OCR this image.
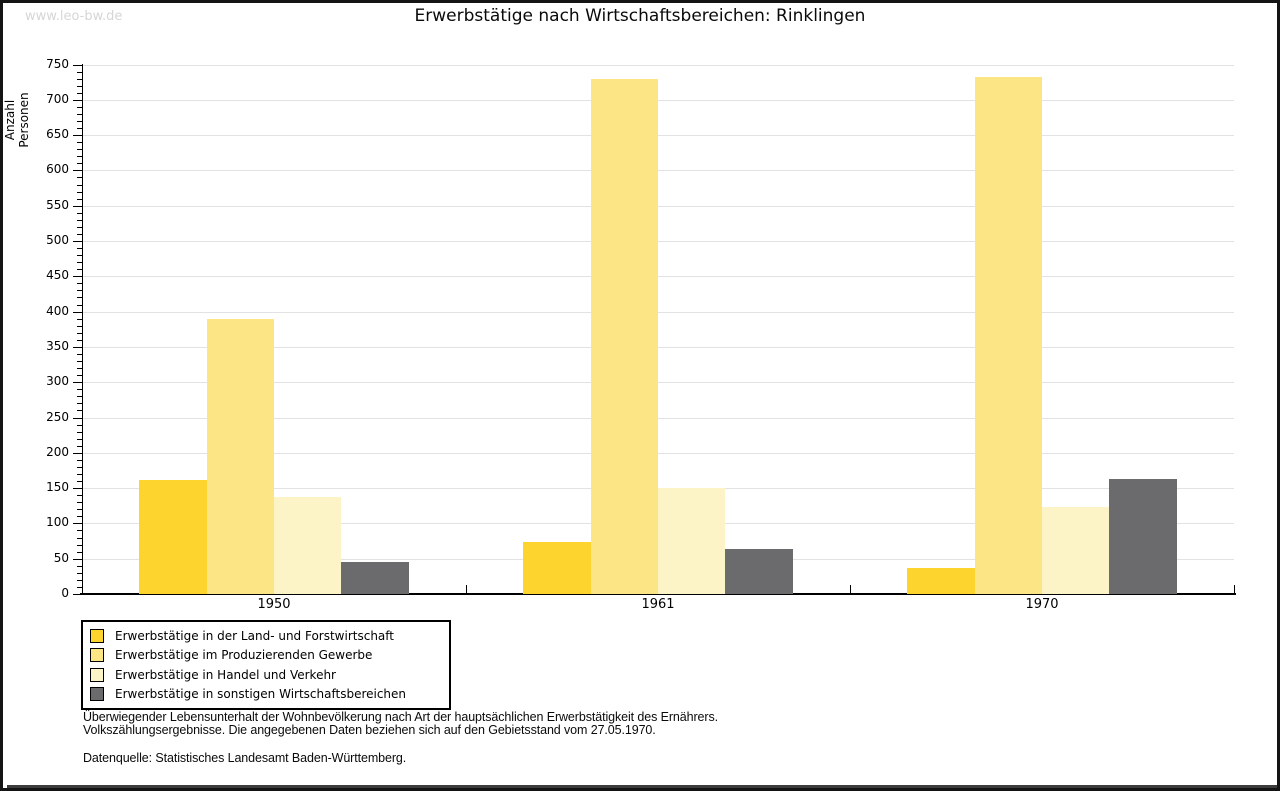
www.leo-bw.de	Erwerbstätige nach Wirtschaftsbereichen: Rinklingen
Anzahl Personen
0
50
100
150
200
250
300
350
400
450
500
550
600
650
700
750
1950	1961	1970
Erwerbstätige in der Land- und Forstwirtschaft
Erwerbstätige im Produzierenden Gewerbe
Erwerbstätige in Handel und Verkehr
Erwerbstätige in sonstigen Wirtschaftsbereichen
Überwiegender Lebensunterhalt der Wohnbevölkerung nach Art der hauptsächlichen Erwerbstätigkeit des Ernährers.
Volkszählungsergebnisse. Die angegebenen Daten beziehen sich auf den Gebietsstand vom 27.05.1970.
Datenquelle: Statistisches Landesamt Baden-Württemberg.
